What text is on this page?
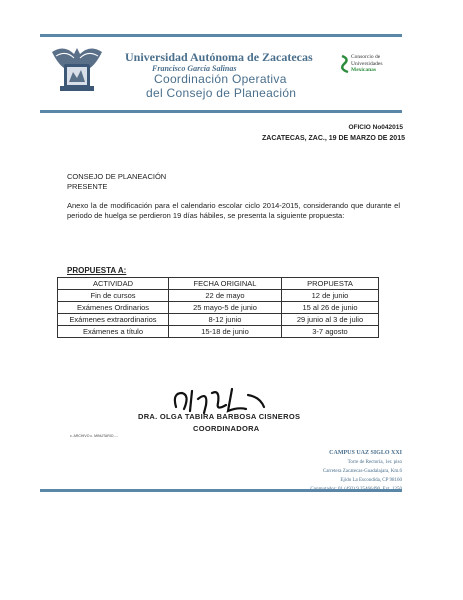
Universidad Autónoma de Zacatecas
Francisco García Salinas
Coordinación Operativa
del Consejo de Planeación
Consorcio de
Universidades
Mexicanas
OFICIO No042015
ZACATECAS, ZAC., 19 DE MARZO DE 2015
CONSEJO DE PLANEACIÓN
PRESENTE
Anexo la de modificación para el calendario escolar ciclo 2014-2015, considerando que durante el periodo de huelga se perdieron 19 días hábiles, se presenta la siguiente propuesta:
PROPUESTA A:
ACTIVIDAD	FECHA ORIGINAL	PROPUESTA
Fin de cursos	22 de mayo	12 de junio
Exámenes Ordinarios	25 mayo-5 de junio	15 al 26 de junio
Exámenes extraordinarios	8-12 junio	29 junio al 3 de julio
Exámenes a título	15-18 de junio	3-7 agosto
DRA. OLGA TABIRA BARBOSA CISNEROS
COORDINADORA
c. ARCHIVO c. MINUTARIO.-.-
CAMPUS UAZ SIGLO XXI
Torre de Rectoría, 1er. piso
Carretera Zacatecas-Guadalajara, Km.6
Ejido La Escondida, CP 98160
